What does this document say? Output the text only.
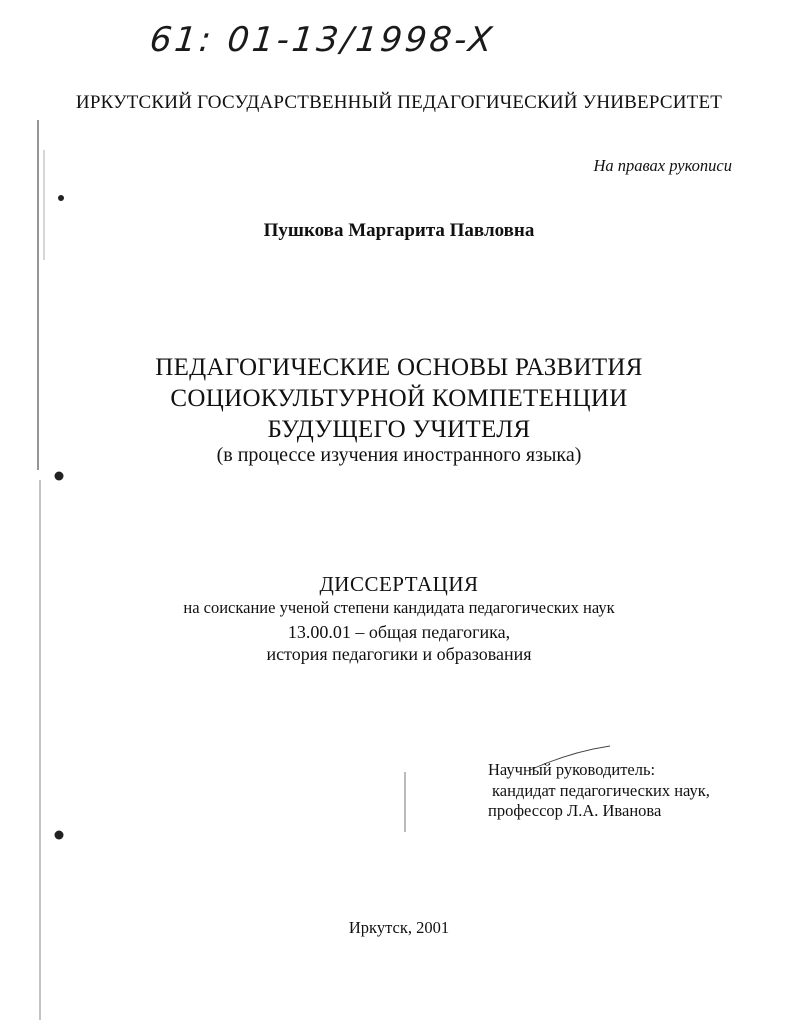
61: 01-13/1998-X
ИРКУТСКИЙ ГОСУДАРСТВЕННЫЙ ПЕДАГОГИЧЕСКИЙ УНИВЕРСИТЕТ
На правах рукописи
Пушкова Маргарита Павловна
ПЕДАГОГИЧЕСКИЕ ОСНОВЫ РАЗВИТИЯ
СОЦИОКУЛЬТУРНОЙ КОМПЕТЕНЦИИ
БУДУЩЕГО УЧИТЕЛЯ
(в процессе изучения иностранного языка)
ДИССЕРТАЦИЯ
на соискание ученой степени кандидата педагогических наук
13.00.01 – общая педагогика,
история педагогики и образования
Научный руководитель:
кандидат педагогических наук,
профессор Л.А. Иванова
Иркутск, 2001
